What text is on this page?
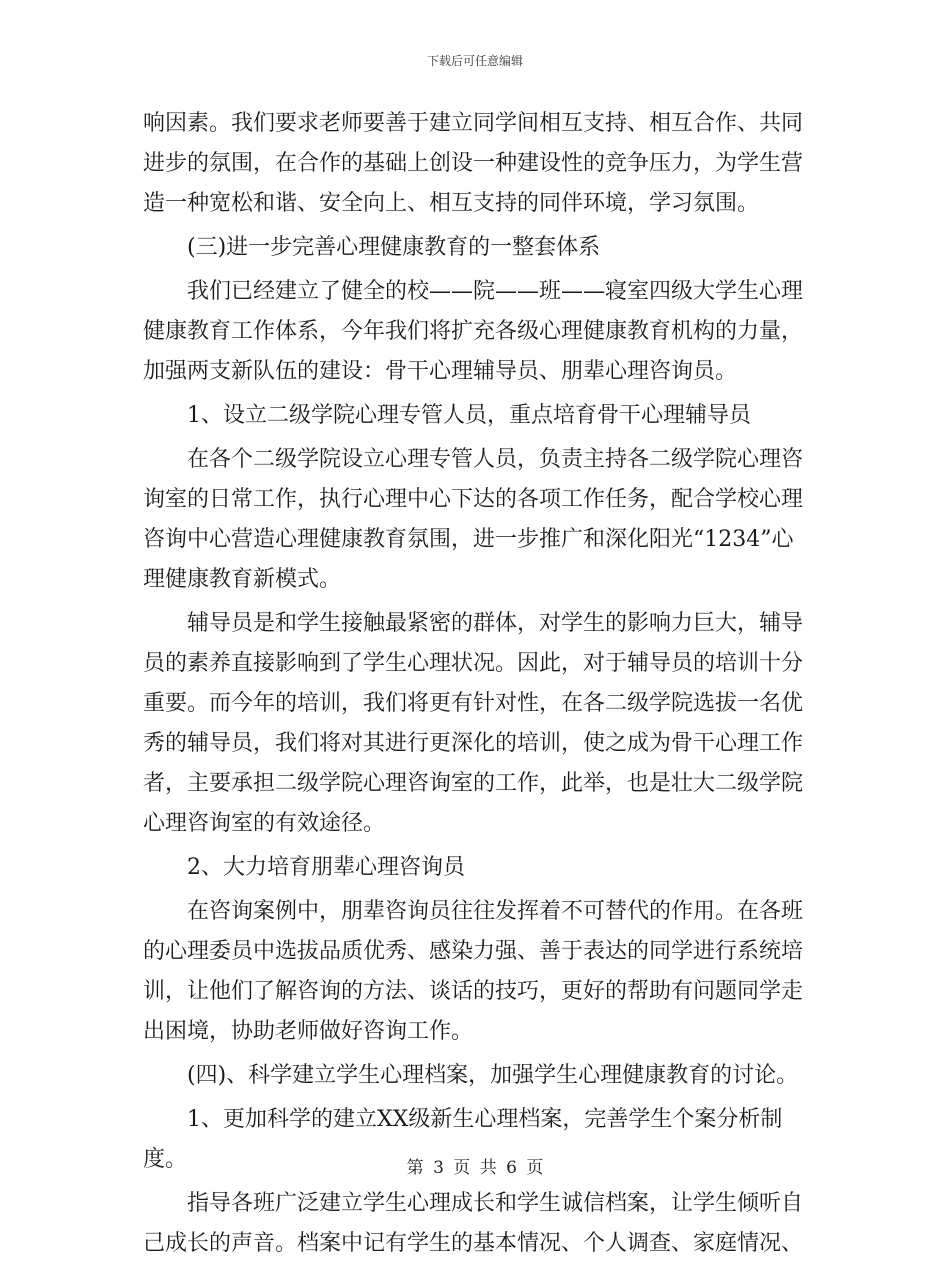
下载后可任意编辑

响因素。我们要求老师要善于建立同学间相互支持、相互合作、共同进步的氛围，在合作的基础上创设一种建设性的竞争压力，为学生营造一种宽松和谐、安全向上、相互支持的同伴环境，学习氛围。

(三)进一步完善心理健康教育的一整套体系

我们已经建立了健全的校——院——班——寝室四级大学生心理健康教育工作体系，今年我们将扩充各级心理健康教育机构的力量，加强两支新队伍的建设：骨干心理辅导员、朋辈心理咨询员。

1、设立二级学院心理专管人员，重点培育骨干心理辅导员

在各个二级学院设立心理专管人员，负责主持各二级学院心理咨询室的日常工作，执行心理中心下达的各项工作任务，配合学校心理咨询中心营造心理健康教育氛围，进一步推广和深化阳光“1234”心理健康教育新模式。

辅导员是和学生接触最紧密的群体，对学生的影响力巨大，辅导员的素养直接影响到了学生心理状况。因此，对于辅导员的培训十分重要。而今年的培训，我们将更有针对性，在各二级学院选拔一名优秀的辅导员，我们将对其进行更深化的培训，使之成为骨干心理工作者，主要承担二级学院心理咨询室的工作，此举，也是壮大二级学院心理咨询室的有效途径。

2、大力培育朋辈心理咨询员

在咨询案例中，朋辈咨询员往往发挥着不可替代的作用。在各班的心理委员中选拔品质优秀、感染力强、善于表达的同学进行系统培训，让他们了解咨询的方法、谈话的技巧，更好的帮助有问题同学走出困境，协助老师做好咨询工作。

(四)、科学建立学生心理档案，加强学生心理健康教育的讨论。

1、更加科学的建立XX级新生心理档案，完善学生个案分析制度。

指导各班广泛建立学生心理成长和学生诚信档案，让学生倾听自己成长的声音。档案中记有学生的基本情况、个人调查、家庭情况、

第 3 页 共 6 页
